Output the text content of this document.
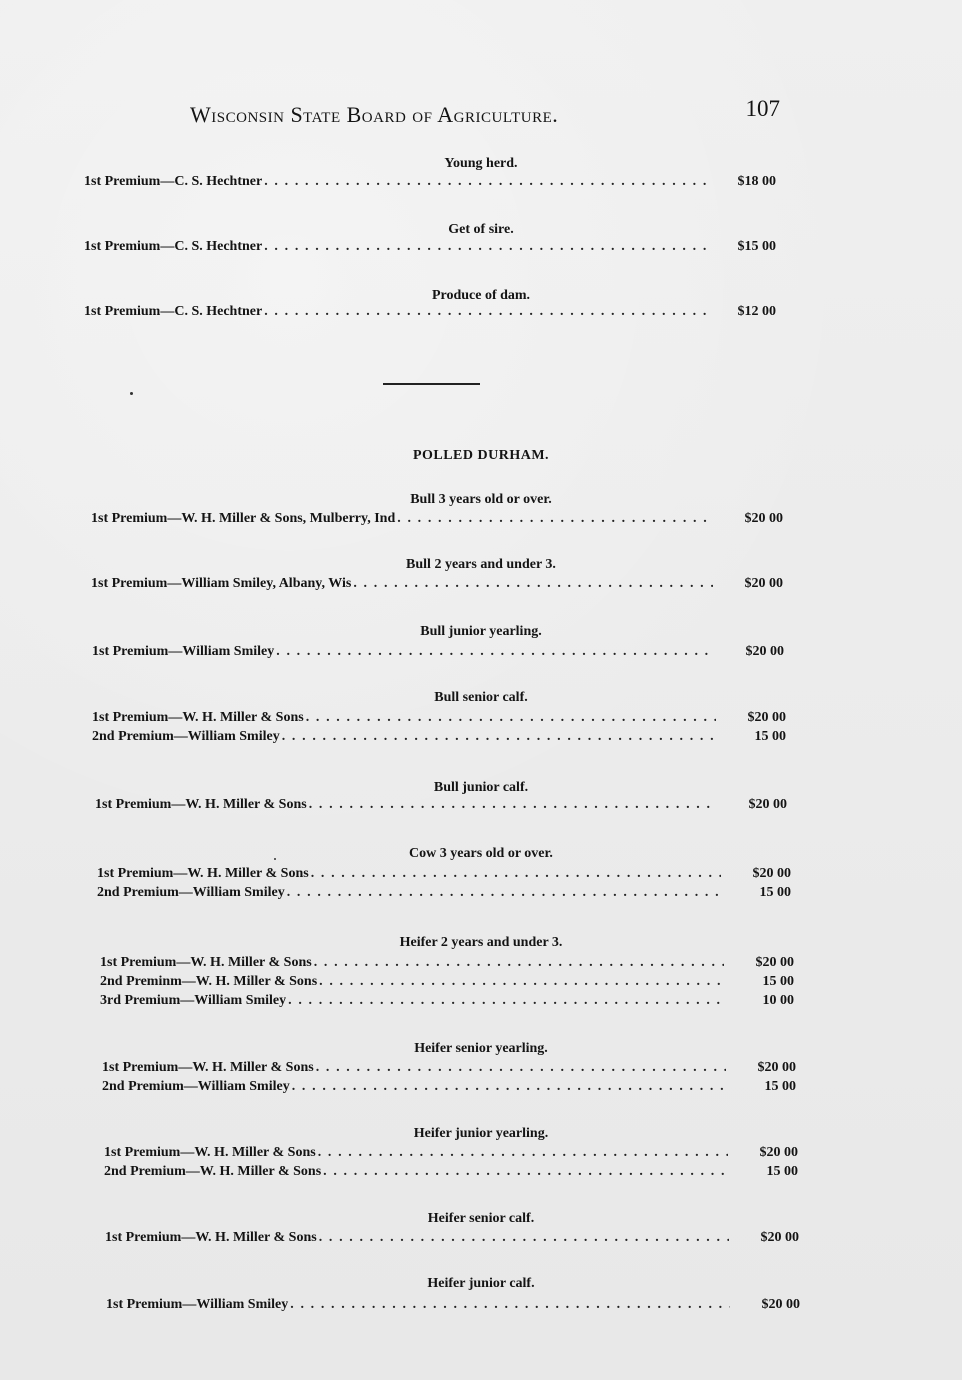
Wisconsin State Board of Agriculture.	107
Young herd.
1st Premium—C. S. Hechtner . . .	$18 00
Get of sire.
1st Premium—C. S. Hechtner . . .	$15 00
Produce of dam.
1st Premium—C. S. Hechtner . . .	$12 00
POLLED DURHAM.
Bull 3 years old or over.
1st Premium—W. H. Miller & Sons, Mulberry, Ind . . .	$20 00
Bull 2 years and under 3.
1st Premium—William Smiley, Albany, Wis . . .	$20 00
Bull junior yearling.
1st Premium—William Smiley . . .	$20 00
Bull senior calf.
1st Premium—W. H. Miller & Sons . . .	$20 00
2nd Premium—William Smiley . . .	15 00
Bull junior calf.
1st Premium—W. H. Miller & Sons . . .	$20 00
Cow 3 years old or over.
1st Premium—W. H. Miller & Sons . . .	$20 00
2nd Premium—William Smiley . . .	15 00
Heifer 2 years and under 3.
1st Premium—W. H. Miller & Sons . . .	$20 00
2nd Preminm—W. H. Miller & Sons . . .	15 00
3rd Premium—William Smiley . . .	10 00
Heifer senior yearling.
1st Premium—W. H. Miller & Sons . . .	$20 00
2nd Premium—William Smiley . . .	15 00
Heifer junior yearling.
1st Premium—W. H. Miller & Sons . . .	$20 00
2nd Premium—W. H. Miller & Sons . . .	15 00
Heifer senior calf.
1st Premium—W. H. Miller & Sons . . .	$20 00
Heifer junior calf.
1st Premium—William Smiley . . .	$20 00
